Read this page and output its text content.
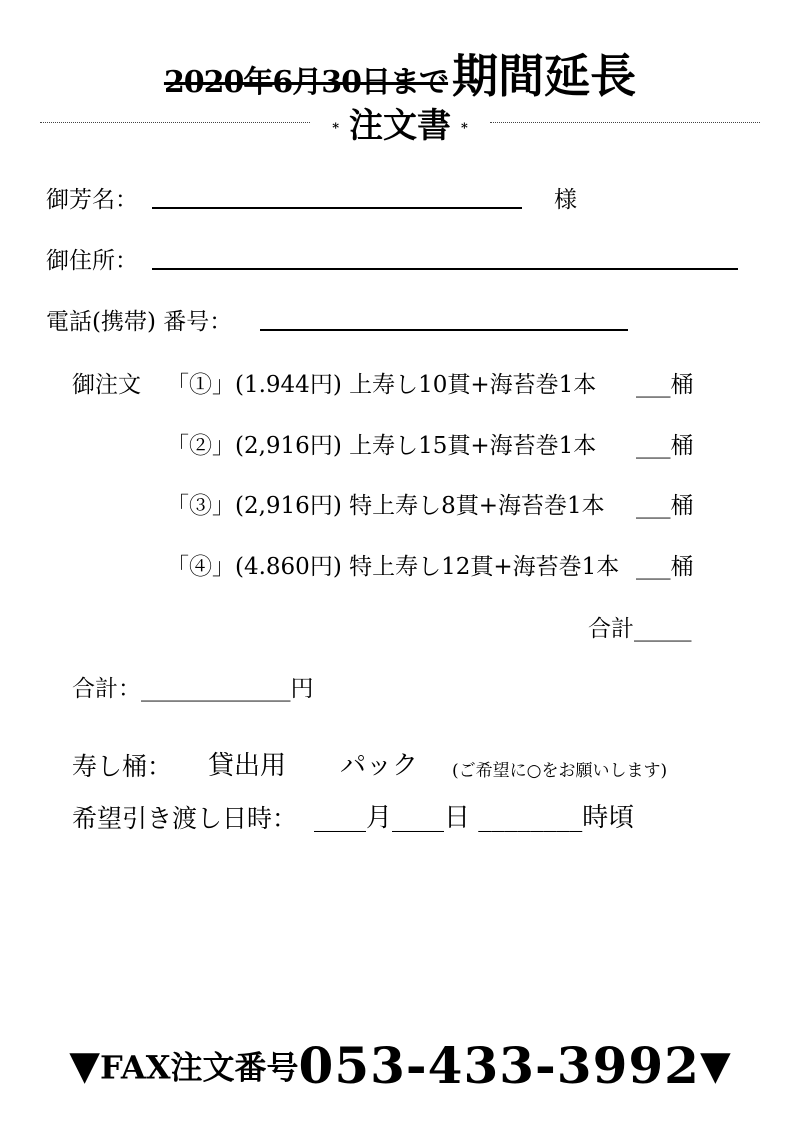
2020年6月30日まで期間延長
* 注文書 *
御芳名：	様
御住所：
電話(携帯) 番号：
御注文 「①」(1.944円) 上寿し10貫+海苔巻1本 ___桶
「②」(2,916円) 上寿し15貫+海苔巻1本 ___桶
「③」(2,916円) 特上寿し8貫+海苔巻1本 ___桶
「④」(4.860円) 特上寿し12貫+海苔巻1本 ___桶
合計_____
合計：_____________円
寿し桶： 貸出用 パック (ご希望に○をお願いします)
希望引き渡し日時： ____月____日 ________時頃
▼FAX注文番号053-433-3992▼
